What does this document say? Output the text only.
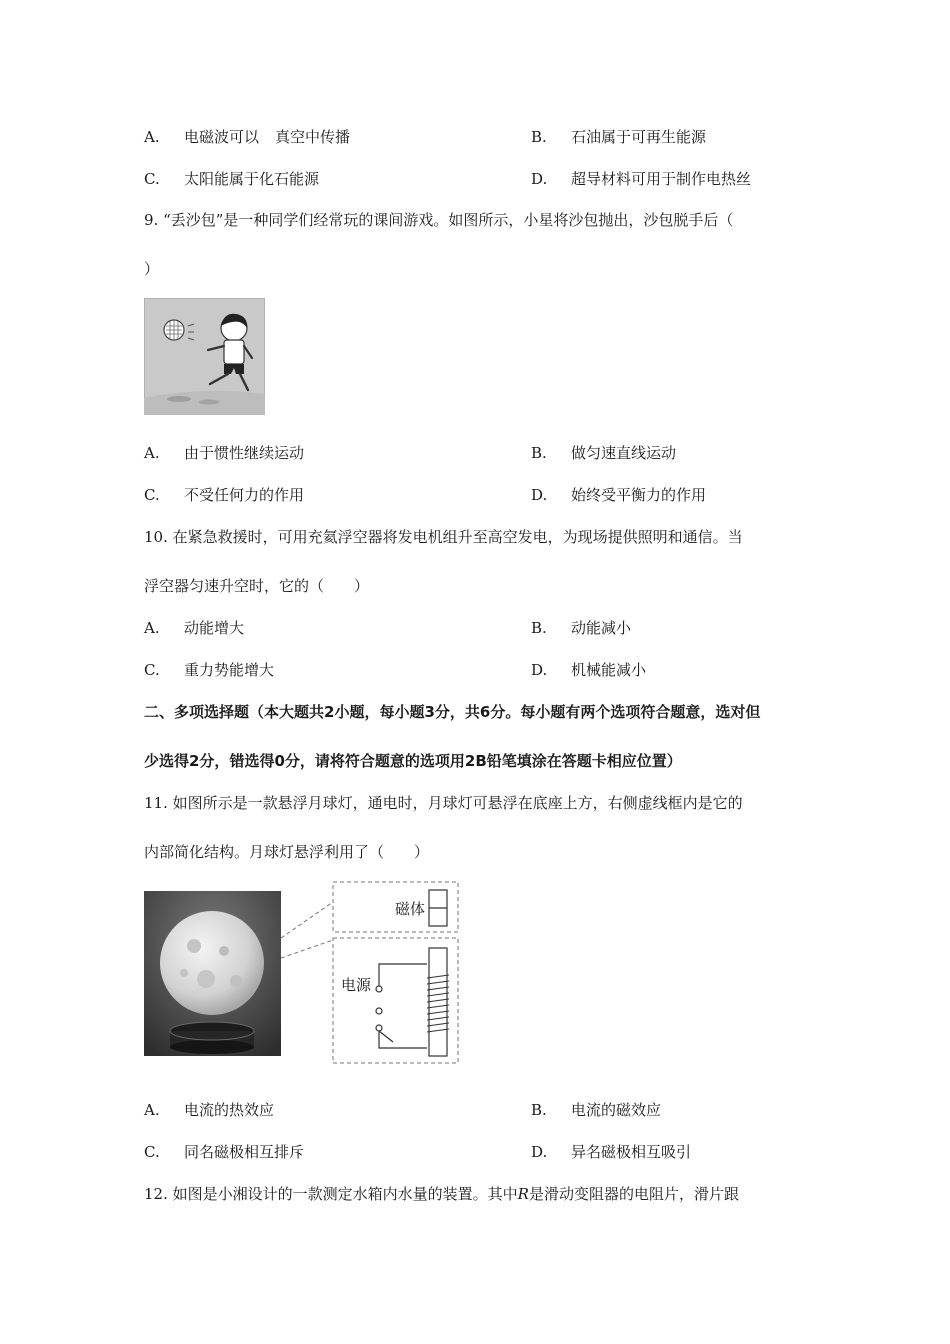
A. 电磁波可以 真空中传播	B. 石油属于可再生能源
C. 太阳能属于化石能源	D. 超导材料可用于制作电热丝
9. “丢沙包”是一种同学们经常玩的课间游戏。如图所示，小星将沙包抛出，沙包脱手后（
）
A. 由于惯性继续运动	B. 做匀速直线运动
C. 不受任何力的作用	D. 始终受平衡力的作用
10. 在紧急救援时，可用充氦浮空器将发电机组升至高空发电，为现场提供照明和通信。当
浮空器匀速升空时，它的（　　）
A. 动能增大	B. 动能减小
C. 重力势能增大	D. 机械能减小
二、多项选择题（本大题共2小题，每小题3分，共6分。每小题有两个选项符合题意，选对但
少选得2分，错选得0分，请将符合题意的选项用2B铅笔填涂在答题卡相应位置）
11. 如图所示是一款悬浮月球灯，通电时，月球灯可悬浮在底座上方，右侧虚线框内是它的
内部简化结构。月球灯悬浮利用了（　　）
磁体
电源
A. 电流的热效应	B. 电流的磁效应
C. 同名磁极相互排斥	D. 异名磁极相互吸引
12. 如图是小湘设计的一款测定水箱内水量的装置。其中R是滑动变阻器的电阻片，滑片跟
